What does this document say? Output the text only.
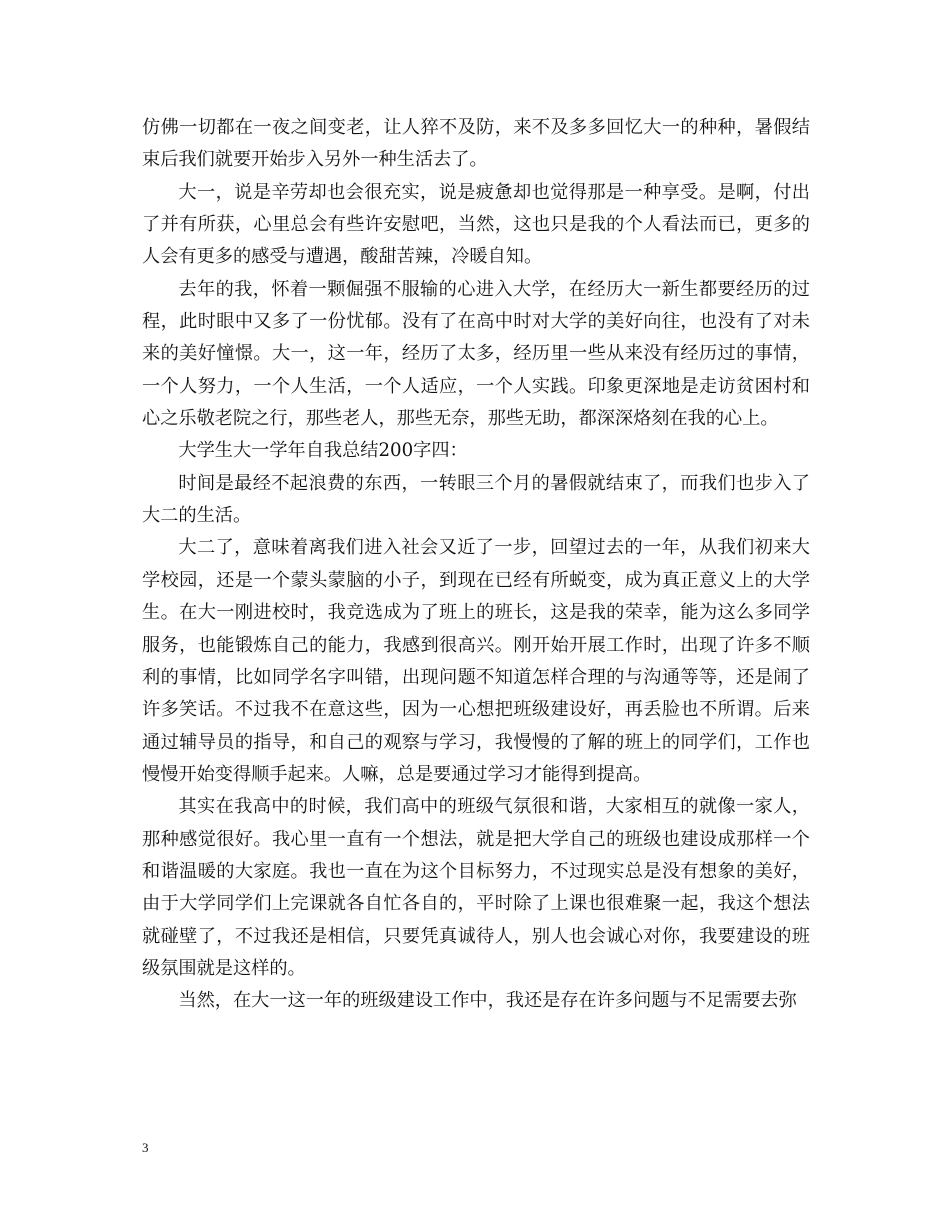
仿佛一切都在一夜之间变老，让人猝不及防，来不及多多回忆大一的种种，暑假结束后我们就要开始步入另外一种生活去了。

大一，说是辛劳却也会很充实，说是疲惫却也觉得那是一种享受。是啊，付出了并有所获，心里总会有些许安慰吧，当然，这也只是我的个人看法而已，更多的人会有更多的感受与遭遇，酸甜苦辣，冷暖自知。

去年的我，怀着一颗倔强不服输的心进入大学，在经历大一新生都要经历的过程，此时眼中又多了一份忧郁。没有了在高中时对大学的美好向往，也没有了对未来的美好憧憬。大一，这一年，经历了太多，经历里一些从来没有经历过的事情，一个人努力，一个人生活，一个人适应，一个人实践。印象更深地是走访贫困村和心之乐敬老院之行，那些老人，那些无奈，那些无助，都深深烙刻在我的心上。

大学生大一学年自我总结200字四：

时间是最经不起浪费的东西，一转眼三个月的暑假就结束了，而我们也步入了大二的生活。

大二了，意味着离我们进入社会又近了一步，回望过去的一年，从我们初来大学校园，还是一个蒙头蒙脑的小子，到现在已经有所蜕变，成为真正意义上的大学生。在大一刚进校时，我竞选成为了班上的班长，这是我的荣幸，能为这么多同学服务，也能锻炼自己的能力，我感到很高兴。刚开始开展工作时，出现了许多不顺利的事情，比如同学名字叫错，出现问题不知道怎样合理的与沟通等等，还是闹了许多笑话。不过我不在意这些，因为一心想把班级建设好，再丢脸也不所谓。后来通过辅导员的指导，和自己的观察与学习，我慢慢的了解的班上的同学们，工作也慢慢开始变得顺手起来。人嘛，总是要通过学习才能得到提高。

其实在我高中的时候，我们高中的班级气氛很和谐，大家相互的就像一家人，那种感觉很好。我心里一直有一个想法，就是把大学自己的班级也建设成那样一个和谐温暖的大家庭。我也一直在为这个目标努力，不过现实总是没有想象的美好，由于大学同学们上完课就各自忙各自的，平时除了上课也很难聚一起，我这个想法就碰壁了，不过我还是相信，只要凭真诚待人，别人也会诚心对你，我要建设的班级氛围就是这样的。

当然，在大一这一年的班级建设工作中，我还是存在许多问题与不足需要去弥

3
